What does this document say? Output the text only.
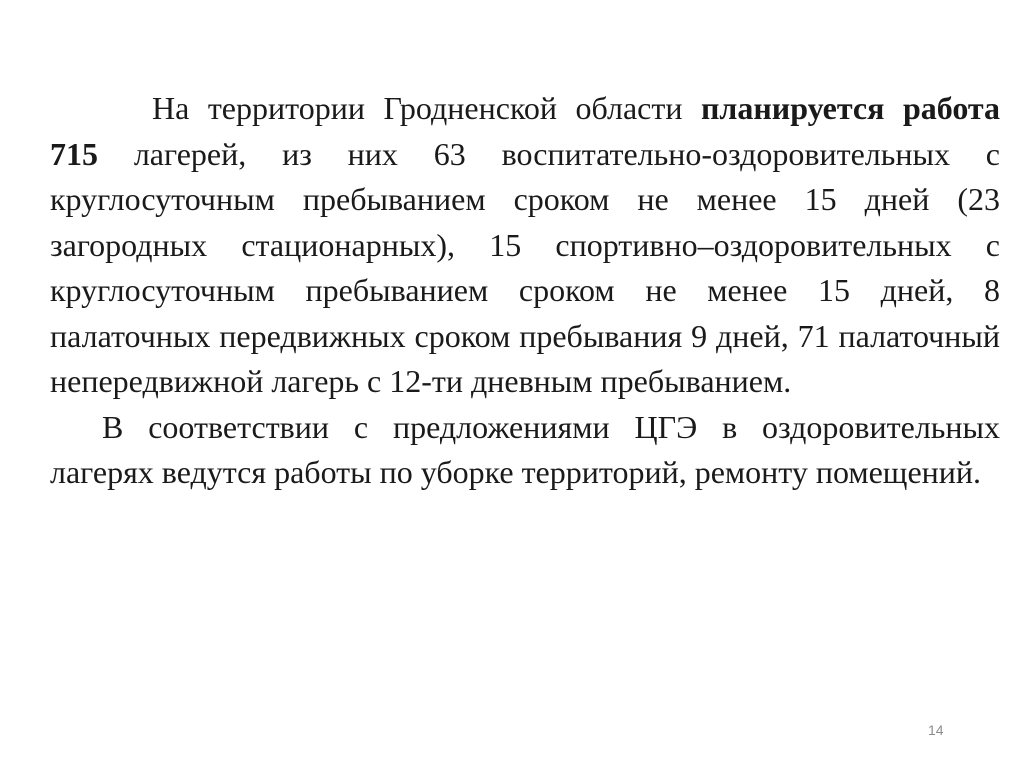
На территории Гродненской области планируется работа 715 лагерей, из них 63 воспитательно-оздоровительных с круглосуточным пребыванием сроком не менее 15 дней (23 загородных стационарных), 15 спортивно–оздоровительных с круглосуточным пребыванием сроком не менее 15 дней, 8 палаточных передвижных сроком пребывания 9 дней, 71 палаточный непередвижной лагерь с 12-ти дневным пребыванием.

В соответствии с предложениями ЦГЭ в оздоровительных лагерях ведутся работы по уборке территорий, ремонту помещений.

14
